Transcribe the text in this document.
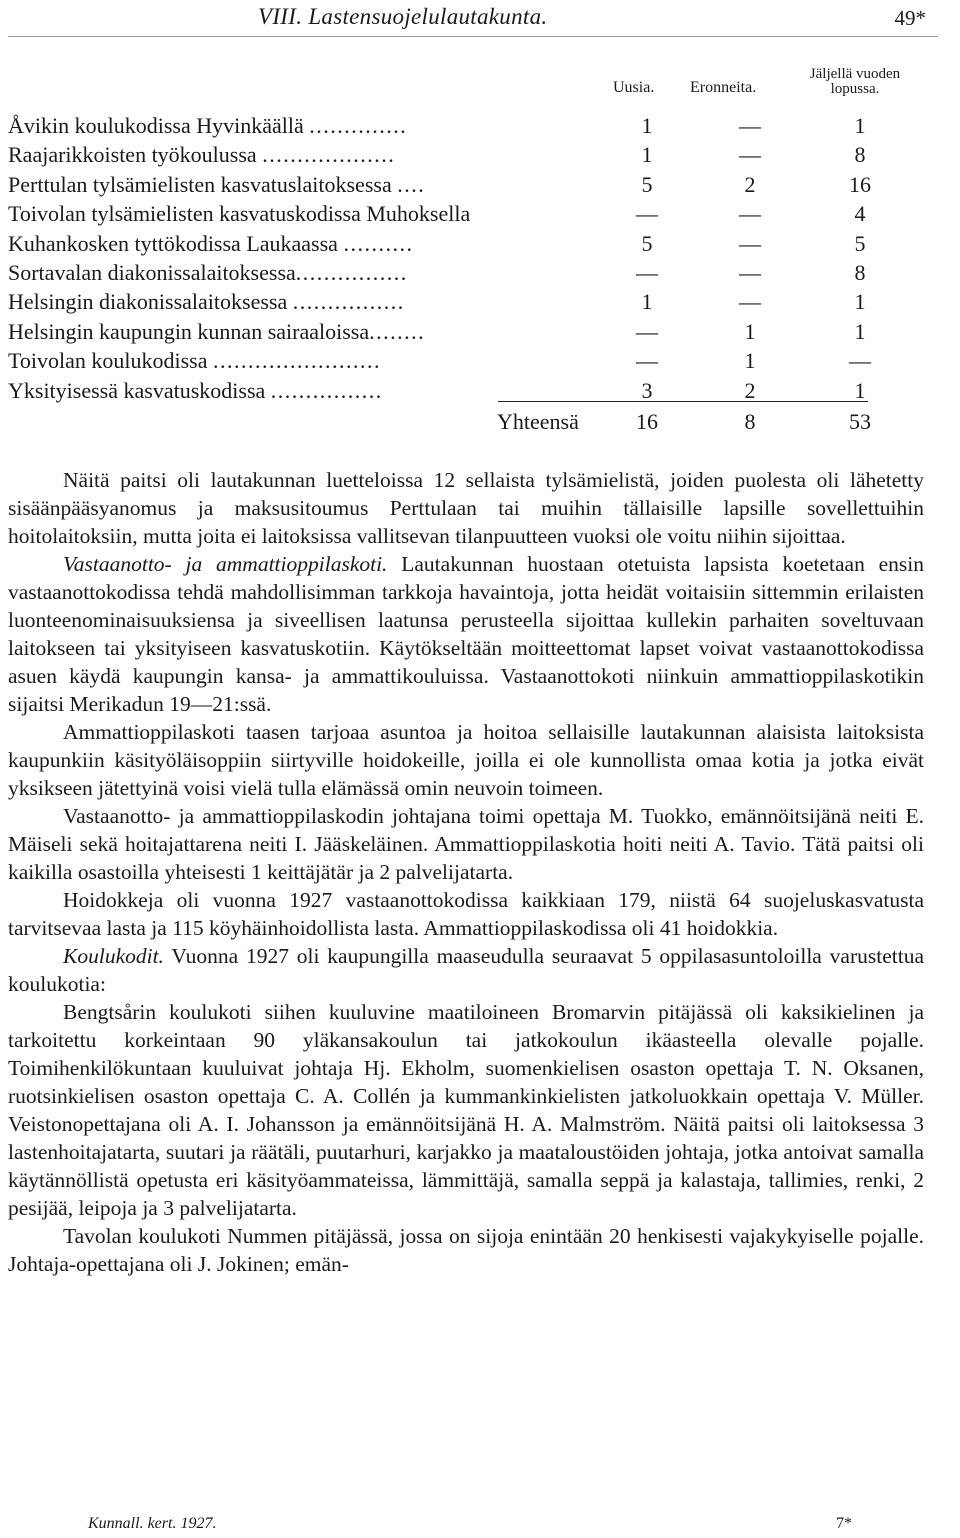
VIII. Lastensuojelulautakunta.	49*
Uusia. Eronneita.
Jäljellä vuoden lopussa.
Åvikin koulukodissa Hyvinkäällä ..............	1	—	1
Raajarikkoisten työkoulussa ...................	1	—	8
Perttulan tylsämielisten kasvatuslaitoksessa ....	5	2	16
Toivolan tylsämielisten kasvatuskodissa Muhoksella	—	—	4
Kuhankosken tyttökodissa Laukaassa ..........	5	—	5
Sortavalan diakonissalaitoksessa................	—	—	8
Helsingin diakonissalaitoksessa ................	1	—	1
Helsingin kaupungin kunnan sairaaloissa........	—	1	1
Toivolan koulukodissa ........................	—	1	—
Yksityisessä kasvatuskodissa ................	3	2	1
Yhteensä	16	8	53

Näitä paitsi oli lautakunnan luetteloissa 12 sellaista tylsämielistä, joiden puolesta oli lähetetty sisäänpääsyanomus ja maksusitoumus Perttulaan tai muihin tällaisille lapsille sovellettuihin hoitolaitoksiin, mutta joita ei laitoksissa vallitsevan tilanpuutteen vuoksi ole voitu niihin sijoittaa.

Vastaanotto- ja ammattioppilaskoti. Lautakunnan huostaan otetuista lapsista koetetaan ensin vastaanottokodissa tehdä mahdollisimman tarkkoja havaintoja, jotta heidät voitaisiin sittemmin erilaisten luonteenominaisuuksiensa ja siveellisen laatunsa perusteella sijoittaa kullekin parhaiten soveltuvaan laitokseen tai yksityiseen kasvatuskotiin. Käytökseltään moitteettomat lapset voivat vastaanottokodissa asuen käydä kaupungin kansa- ja ammattikouluissa. Vastaanottokoti niinkuin ammattioppilaskotikin sijaitsi Merikadun 19—21:ssä.

Ammattioppilaskoti taasen tarjoaa asuntoa ja hoitoa sellaisille lautakunnan alaisista laitoksista kaupunkiin käsityöläisoppiin siirtyville hoidokeille, joilla ei ole kunnollista omaa kotia ja jotka eivät yksikseen jätettyinä voisi vielä tulla elämässä omin neuvoin toimeen.

Vastaanotto- ja ammattioppilaskodin johtajana toimi opettaja M. Tuokko, emännöitsijänä neiti E. Mäiseli sekä hoitajattarena neiti I. Jääskeläinen. Ammattioppilaskotia hoiti neiti A. Tavio. Tätä paitsi oli kaikilla osastoilla yhteisesti 1 keittäjätär ja 2 palvelijatarta.

Hoidokkeja oli vuonna 1927 vastaanottokodissa kaikkiaan 179, niistä 64 suojeluskasvatusta tarvitsevaa lasta ja 115 köyhäinhoidollista lasta. Ammattioppilaskodissa oli 41 hoidokkia.

Koulukodit. Vuonna 1927 oli kaupungilla maaseudulla seuraavat 5 oppilasasuntoloilla varustettua koulukotia:

Bengtsårin koulukoti siihen kuuluvine maatiloineen Bromarvin pitäjässä oli kaksikielinen ja tarkoitettu korkeintaan 90 yläkansakoulun tai jatkokoulun ikäasteella olevalle pojalle. Toimihenkilökuntaan kuuluivat johtaja Hj. Ekholm, suomenkielisen osaston opettaja T. N. Oksanen, ruotsinkielisen osaston opettaja C. A. Collén ja kummankinkielisten jatkoluokkain opettaja V. Müller. Veistonopettajana oli A. I. Johansson ja emännöitsijänä H. A. Malmström. Näitä paitsi oli laitoksessa 3 lastenhoitajatarta, suutari ja räätäli, puutarhuri, karjakko ja maataloustöiden johtaja, jotka antoivat samalla käytännöllistä opetusta eri käsityöammateissa, lämmittäjä, samalla seppä ja kalastaja, tallimies, renki, 2 pesijää, leipoja ja 3 palvelijatarta.

Tavolan koulukoti Nummen pitäjässä, jossa on sijoja enintään 20 henkisesti vajakykyiselle pojalle. Johtaja-opettajana oli J. Jokinen; emän-

Kunnall. kert. 1927.	7*
